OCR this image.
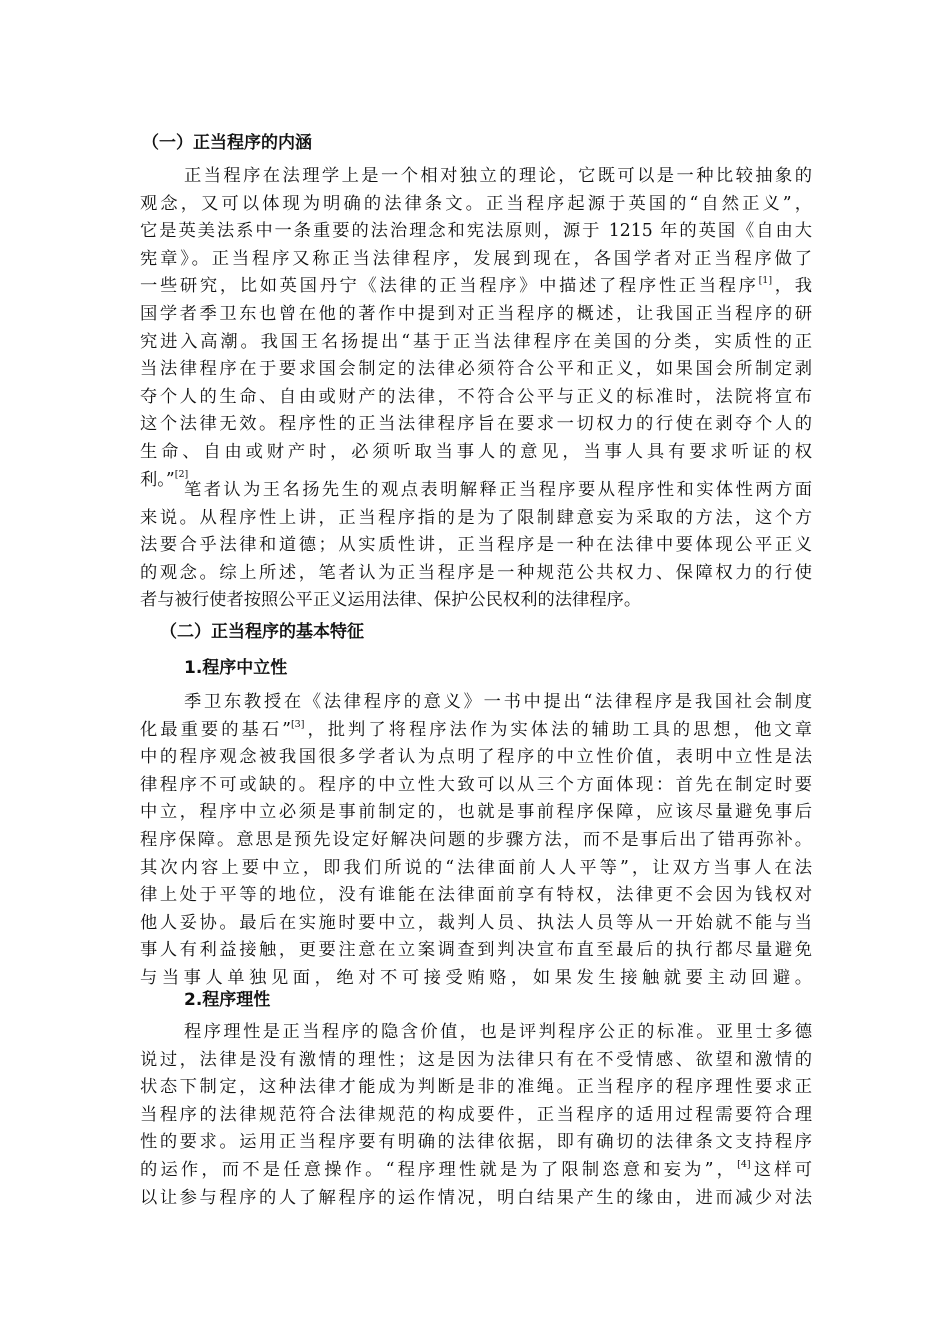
（一）正当程序的内涵
正当程序在法理学上是一个相对独立的理论，它既可以是一种比较抽象的
观念，又可以体现为明确的法律条文。正当程序起源于英国的“自然正义”，
它是英美法系中一条重要的法治理念和宪法原则，源于 1215 年的英国《自由大
宪章》。正当程序又称正当法律程序，发展到现在，各国学者对正当程序做了
一些研究，比如英国丹宁《法律的正当程序》中描述了程序性正当程序[1]，我
国学者季卫东也曾在他的著作中提到对正当程序的概述，让我国正当程序的研
究进入高潮。我国王名扬提出“基于正当法律程序在美国的分类，实质性的正
当法律程序在于要求国会制定的法律必须符合公平和正义，如果国会所制定剥
夺个人的生命、自由或财产的法律，不符合公平与正义的标准时，法院将宣布
这个法律无效。程序性的正当法律程序旨在要求一切权力的行使在剥夺个人的
生命、自由或财产时，必须听取当事人的意见，当事人具有要求听证的权
利。”[2]
笔者认为王名扬先生的观点表明解释正当程序要从程序性和实体性两方面
来说。从程序性上讲，正当程序指的是为了限制肆意妄为采取的方法，这个方
法要合乎法律和道德；从实质性讲，正当程序是一种在法律中要体现公平正义
的观念。综上所述，笔者认为正当程序是一种规范公共权力、保障权力的行使
者与被行使者按照公平正义运用法律、保护公民权利的法律程序。
（二）正当程序的基本特征
1.程序中立性
季卫东教授在《法律程序的意义》一书中提出“法律程序是我国社会制度
化最重要的基石”[3]，批判了将程序法作为实体法的辅助工具的思想，他文章
中的程序观念被我国很多学者认为点明了程序的中立性价值，表明中立性是法
律程序不可或缺的。程序的中立性大致可以从三个方面体现：首先在制定时要
中立，程序中立必须是事前制定的，也就是事前程序保障，应该尽量避免事后
程序保障。意思是预先设定好解决问题的步骤方法，而不是事后出了错再弥补。
其次内容上要中立，即我们所说的“法律面前人人平等”，让双方当事人在法
律上处于平等的地位，没有谁能在法律面前享有特权，法律更不会因为钱权对
他人妥协。最后在实施时要中立，裁判人员、执法人员等从一开始就不能与当
事人有利益接触，更要注意在立案调查到判决宣布直至最后的执行都尽量避免
与当事人单独见面，绝对不可接受贿赂，如果发生接触就要主动回避。
2.程序理性
程序理性是正当程序的隐含价值，也是评判程序公正的标准。亚里士多德
说过，法律是没有激情的理性；这是因为法律只有在不受情感、欲望和激情的
状态下制定，这种法律才能成为判断是非的准绳。正当程序的程序理性要求正
当程序的法律规范符合法律规范的构成要件，正当程序的适用过程需要符合理
性的要求。运用正当程序要有明确的法律依据，即有确切的法律条文支持程序
的运作，而不是任意操作。“程序理性就是为了限制恣意和妄为”，[4]这样可
以让参与程序的人了解程序的运作情况，明白结果产生的缘由，进而减少对法
